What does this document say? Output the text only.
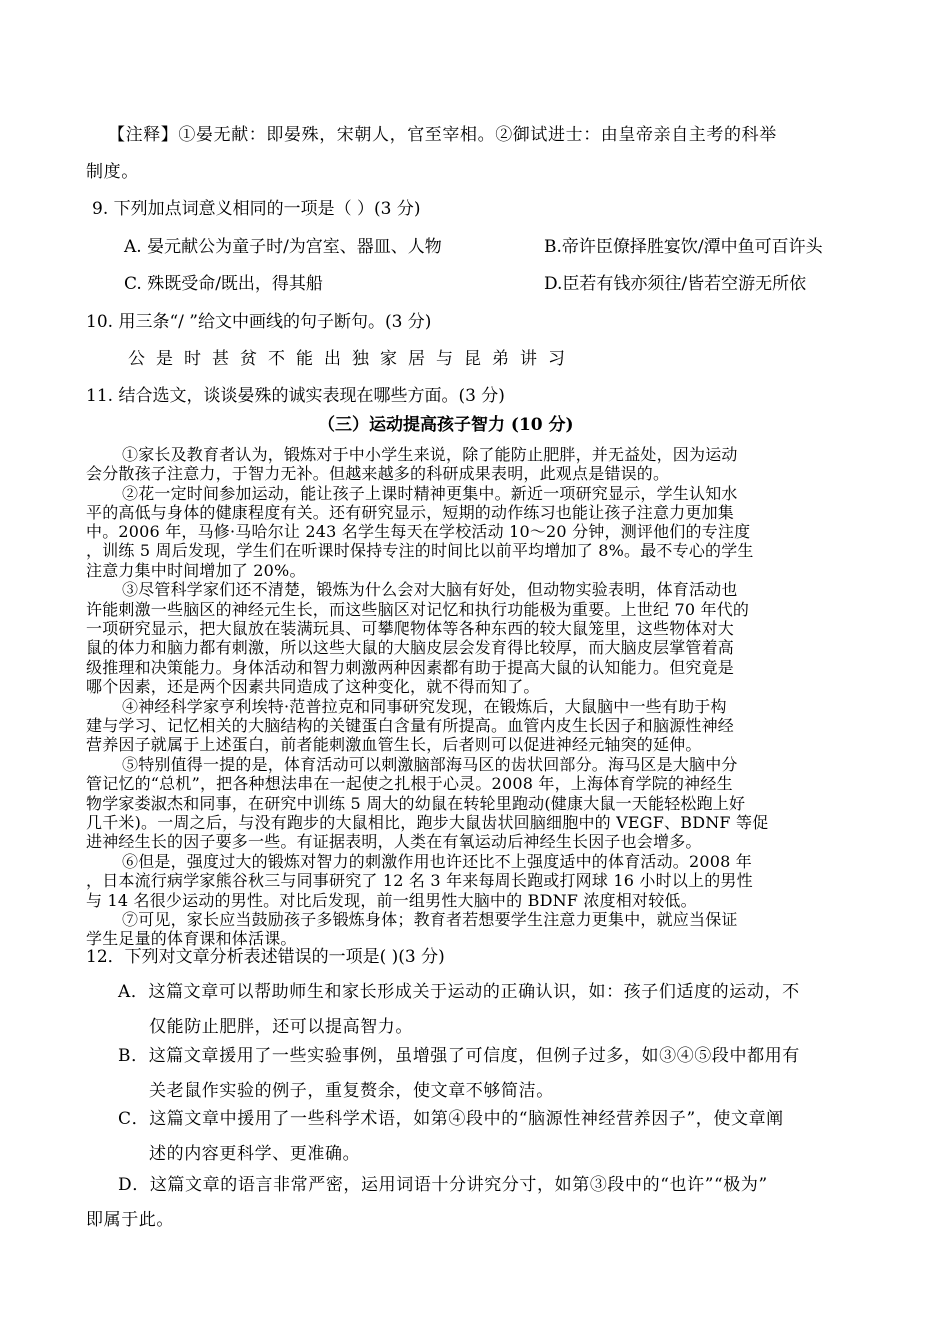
【注释】①晏无献：即晏殊，宋朝人，官至宰相。②御试进士：由皇帝亲自主考的科举
制度。
9. 下列加点词意义相同的一项是（ ）(3 分)
A. 晏元献公为童子时/为宫室、器皿、人物	B.帝许臣僚择胜宴饮/潭中鱼可百许头
C. 殊既受命/既出，得其船	D.臣若有钱亦须往/皆若空游无所依
10. 用三条“/ ”给文中画线的句子断句。(3 分)
公是时甚贫不能出独家居与昆弟讲习
11. 结合选文，谈谈晏殊的诚实表现在哪些方面。(3 分)
（三）运动提高孩子智力 (10 分)
①家长及教育者认为，锻炼对于中小学生来说，除了能防止肥胖，并无益处，因为运动
会分散孩子注意力，于智力无补。但越来越多的科研成果表明，此观点是错误的。
②花一定时间参加运动，能让孩子上课时精神更集中。新近一项研究显示，学生认知水
平的高低与身体的健康程度有关。还有研究显示，短期的动作练习也能让孩子注意力更加集
中。2006 年，马修·马哈尔让 243 名学生每天在学校活动 10～20 分钟，测评他们的专注度
，训练 5 周后发现，学生们在听课时保持专注的时间比以前平均增加了 8%。最不专心的学生
注意力集中时间增加了 20%。
③尽管科学家们还不清楚，锻炼为什么会对大脑有好处，但动物实验表明，体育活动也
许能刺激一些脑区的神经元生长，而这些脑区对记忆和执行功能极为重要。上世纪 70 年代的
一项研究显示，把大鼠放在装满玩具、可攀爬物体等各种东西的较大鼠笼里，这些物体对大
鼠的体力和脑力都有刺激，所以这些大鼠的大脑皮层会发育得比较厚，而大脑皮层掌管着高
级推理和决策能力。身体活动和智力刺激两种因素都有助于提高大鼠的认知能力。但究竟是
哪个因素，还是两个因素共同造成了这种变化，就不得而知了。
④神经科学家亨利埃特·范普拉克和同事研究发现，在锻炼后，大鼠脑中一些有助于构
建与学习、记忆相关的大脑结构的关键蛋白含量有所提高。血管内皮生长因子和脑源性神经
营养因子就属于上述蛋白，前者能刺激血管生长，后者则可以促进神经元轴突的延伸。
⑤特别值得一提的是，体育活动可以刺激脑部海马区的齿状回部分。海马区是大脑中分
管记忆的“总机”，把各种想法串在一起使之扎根于心灵。2008 年，上海体育学院的神经生
物学家娄淑杰和同事，在研究中训练 5 周大的幼鼠在转轮里跑动(健康大鼠一天能轻松跑上好
几千米)。一周之后，与没有跑步的大鼠相比，跑步大鼠齿状回脑细胞中的 VEGF、BDNF 等促
进神经生长的因子要多一些。有证据表明，人类在有氧运动后神经生长因子也会增多。
⑥但是，强度过大的锻炼对智力的刺激作用也许还比不上强度适中的体育活动。2008 年
，日本流行病学家熊谷秋三与同事研究了 12 名 3 年来每周长跑或打网球 16 小时以上的男性
与 14 名很少运动的男性。对比后发现，前一组男性大脑中的 BDNF 浓度相对较低。
⑦可见，家长应当鼓励孩子多锻炼身体；教育者若想要学生注意力更集中，就应当保证
学生足量的体育课和体活课。
12．下列对文章分析表述错误的一项是( )(3 分)
A．这篇文章可以帮助师生和家长形成关于运动的正确认识，如：孩子们适度的运动，不
仅能防止肥胖，还可以提高智力。
B．这篇文章援用了一些实验事例，虽增强了可信度，但例子过多，如③④⑤段中都用有
关老鼠作实验的例子，重复赘余，使文章不够简洁。
C．这篇文章中援用了一些科学术语，如第④段中的“脑源性神经营养因子”，使文章阐
述的内容更科学、更准确。
D．这篇文章的语言非常严密，运用词语十分讲究分寸，如第③段中的“也许”“极为”
即属于此。
